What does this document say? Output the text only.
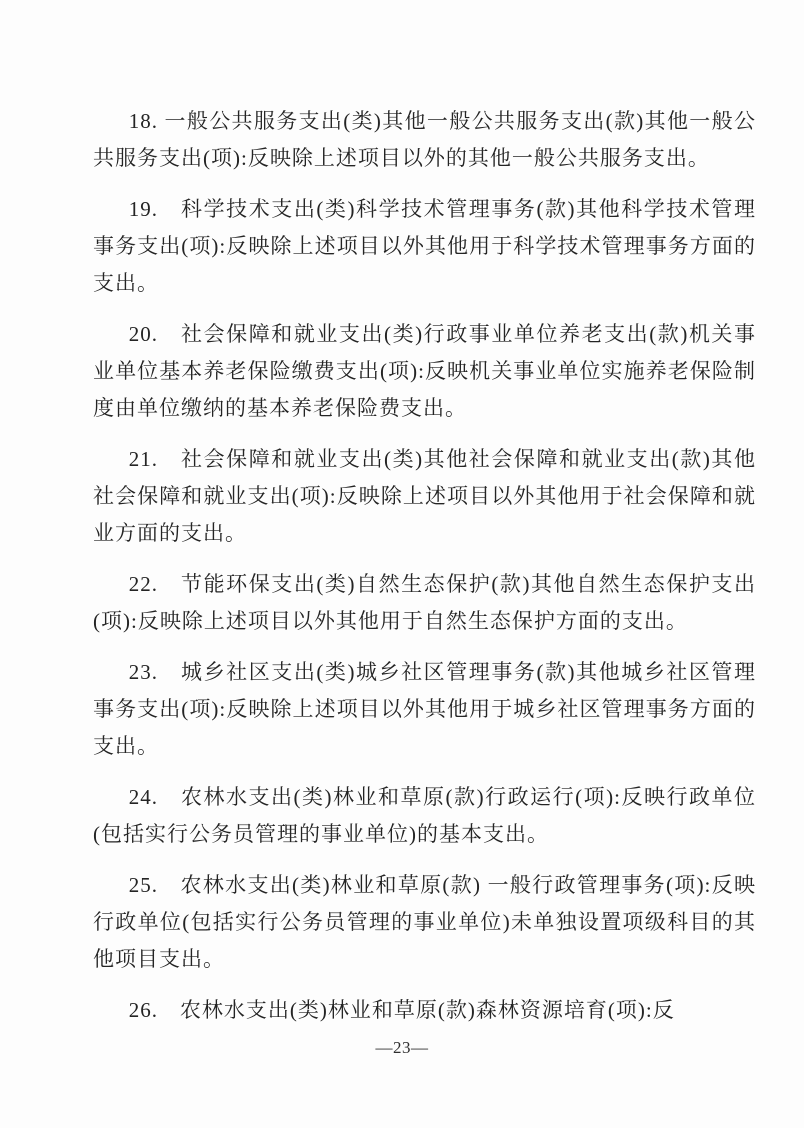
18. 一般公共服务支出(类)其他一般公共服务支出(款)其他一般公共服务支出(项):反映除上述项目以外的其他一般公共服务支出。

19.　科学技术支出(类)科学技术管理事务(款)其他科学技术管理事务支出(项):反映除上述项目以外其他用于科学技术管理事务方面的支出。

20.　社会保障和就业支出(类)行政事业单位养老支出(款)机关事业单位基本养老保险缴费支出(项):反映机关事业单位实施养老保险制度由单位缴纳的基本养老保险费支出。

21.　社会保障和就业支出(类)其他社会保障和就业支出(款)其他社会保障和就业支出(项):反映除上述项目以外其他用于社会保障和就业方面的支出。

22.　节能环保支出(类)自然生态保护(款)其他自然生态保护支出(项):反映除上述项目以外其他用于自然生态保护方面的支出。

23.　城乡社区支出(类)城乡社区管理事务(款)其他城乡社区管理事务支出(项):反映除上述项目以外其他用于城乡社区管理事务方面的支出。

24.　农林水支出(类)林业和草原(款)行政运行(项):反映行政单位(包括实行公务员管理的事业单位)的基本支出。

25.　农林水支出(类)林业和草原(款) 一般行政管理事务(项):反映行政单位(包括实行公务员管理的事业单位)未单独设置项级科目的其他项目支出。

26.　农林水支出(类)林业和草原(款)森林资源培育(项):反

—23—
